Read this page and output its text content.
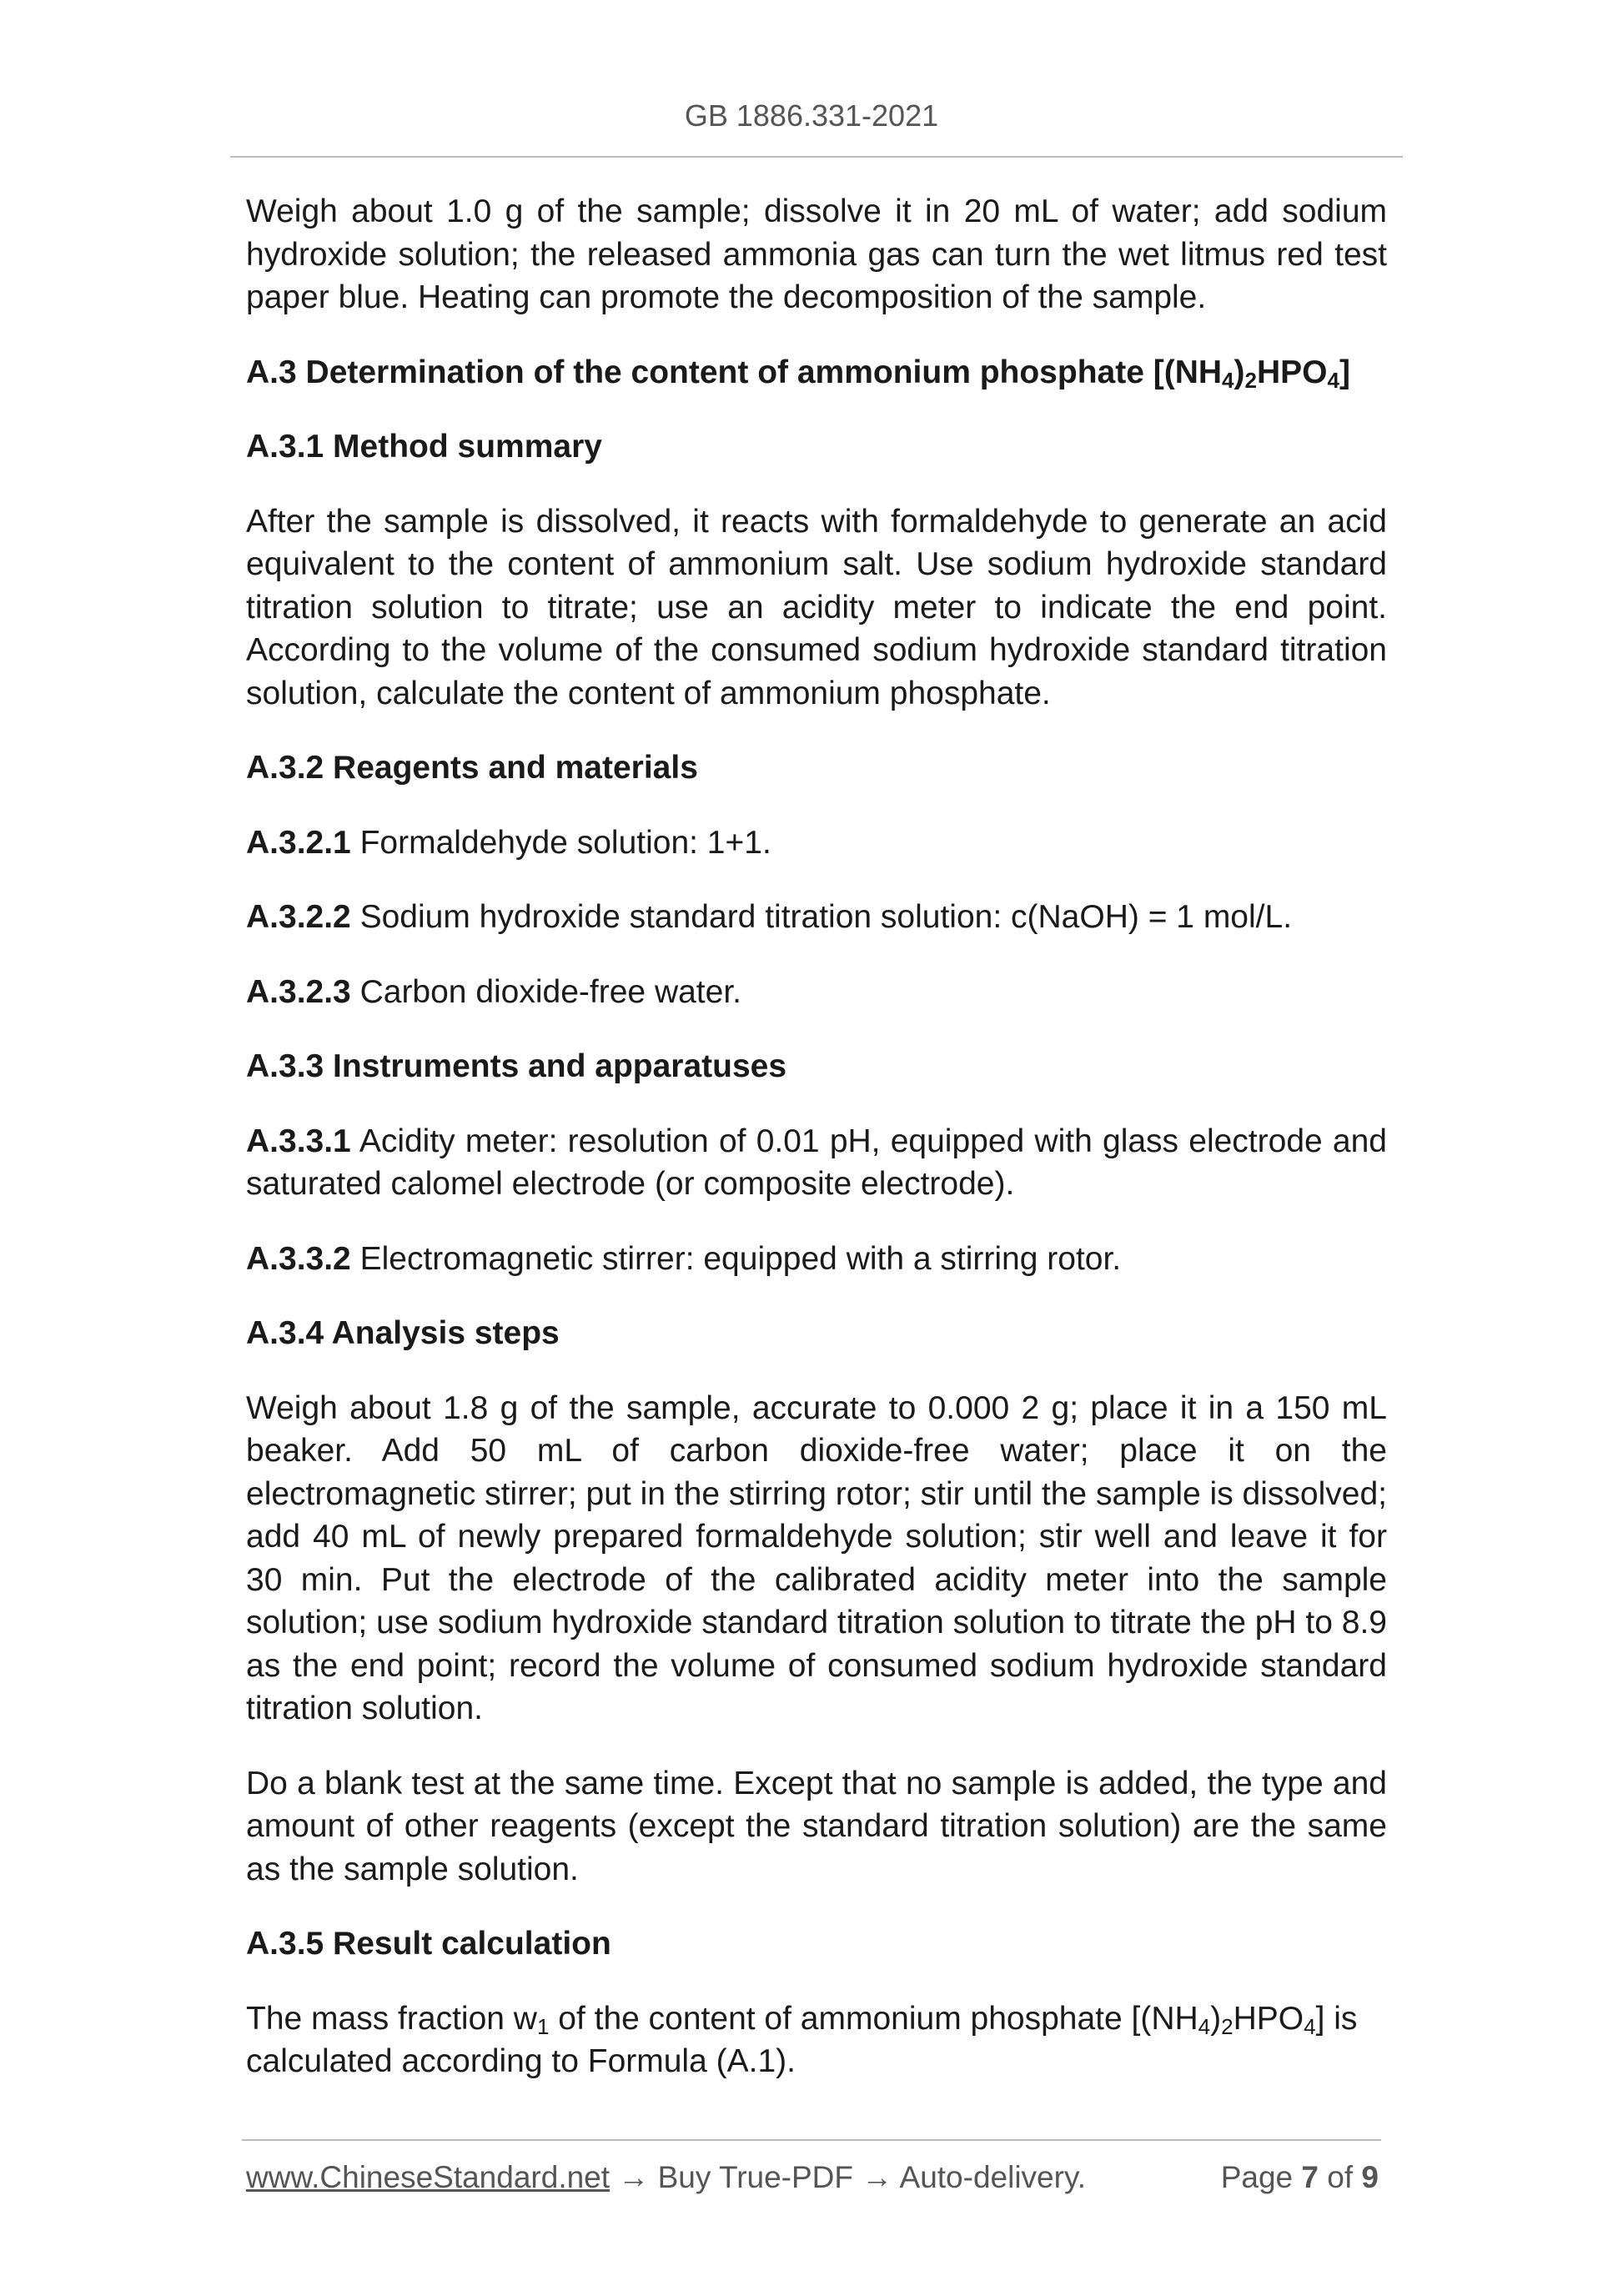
GB 1886.331-2021

Weigh about 1.0 g of the sample; dissolve it in 20 mL of water; add sodium hydroxide solution; the released ammonia gas can turn the wet litmus red test paper blue. Heating can promote the decomposition of the sample.

A.3 Determination of the content of ammonium phosphate $[(NH_4)_2HPO_4]$

A.3.1 Method summary

After the sample is dissolved, it reacts with formaldehyde to generate an acid equivalent to the content of ammonium salt. Use sodium hydroxide standard titration solution to titrate; use an acidity meter to indicate the end point. According to the volume of the consumed sodium hydroxide standard titration solution, calculate the content of ammonium phosphate.

A.3.2 Reagents and materials

A.3.2.1 Formaldehyde solution: 1+1.

A.3.2.2 Sodium hydroxide standard titration solution: c(NaOH) = 1 mol/L.

A.3.2.3 Carbon dioxide-free water.

A.3.3 Instruments and apparatuses

A.3.3.1 Acidity meter: resolution of 0.01 pH, equipped with glass electrode and saturated calomel electrode (or composite electrode).

A.3.3.2 Electromagnetic stirrer: equipped with a stirring rotor.

A.3.4 Analysis steps

Weigh about 1.8 g of the sample, accurate to 0.000 2 g; place it in a 150 mL beaker. Add 50 mL of carbon dioxide-free water; place it on the electromagnetic stirrer; put in the stirring rotor; stir until the sample is dissolved; add 40 mL of newly prepared formaldehyde solution; stir well and leave it for 30 min. Put the electrode of the calibrated acidity meter into the sample solution; use sodium hydroxide standard titration solution to titrate the pH to 8.9 as the end point; record the volume of consumed sodium hydroxide standard titration solution.

Do a blank test at the same time. Except that no sample is added, the type and amount of other reagents (except the standard titration solution) are the same as the sample solution.

A.3.5 Result calculation

The mass fraction $w_1$ of the content of ammonium phosphate $[(NH_4)_2HPO_4]$ is calculated according to Formula (A.1).

www.ChineseStandard.net → Buy True-PDF → Auto-delivery.	Page 7 of 9
